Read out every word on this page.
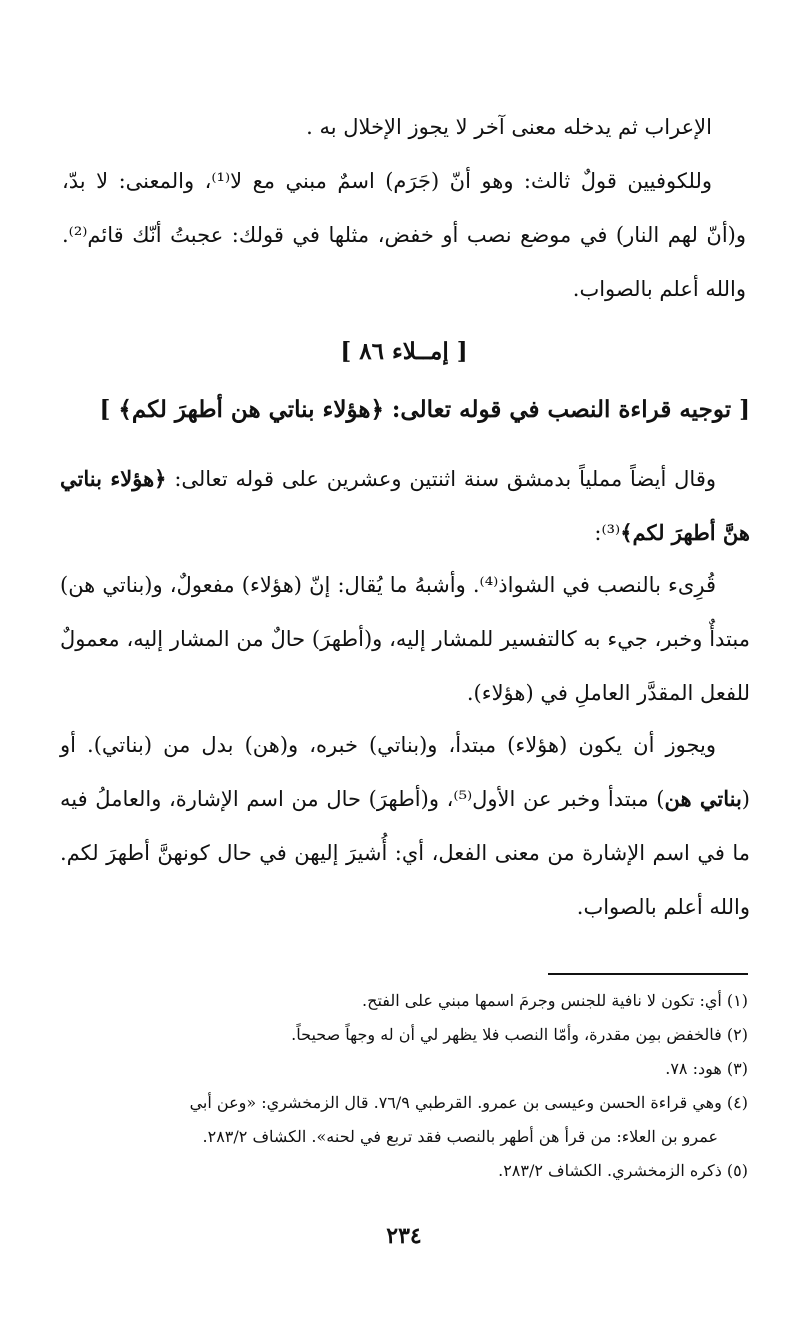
الإعراب ثم يدخله معنى آخر لا يجوز الإخلال به .

وللكوفيين قولٌ ثالث: وهو أنّ (جَرَم) اسمٌ مبني مع لا⁽¹⁾، والمعنى: لا بدّ، و(أنّ لهم النار) في موضع نصب أو خفض، مثلها في قولك: عجبتُ أنّك قائم⁽²⁾. والله أعلم بالصواب.

[ إمــلاء ٨٦ ]
[ توجيه قراءة النصب في قوله تعالى: ﴿هؤلاء بناتي هن أطهرَ لكم﴾ ]

وقال أيضاً مملياً بدمشق سنة اثنتين وعشرين على قوله تعالى: ﴿هؤلاء بناتي هنَّ أطهرَ لكم﴾⁽³⁾:

قُرِىء بالنصب في الشواذ⁽⁴⁾. وأشبهُ ما يُقال: إنّ (هؤلاء) مفعولٌ، و(بناتي هن) مبتدأٌ وخبر، جيء به كالتفسير للمشار إليه، و(أطهرَ) حالٌ من المشار إليه، معمولٌ للفعل المقدَّر العاملِ في (هؤلاء).

ويجوز أن يكون (هؤلاء) مبتدأ، و(بناتي) خبره، و(هن) بدل من (بناتي). أو (بناتي هن) مبتدأ وخبر عن الأول⁽⁵⁾، و(أطهرَ) حال من اسم الإشارة، والعاملُ فيه ما في اسم الإشارة من معنى الفعل، أي: أُشيرَ إليهن في حال كونهنَّ أطهرَ لكم. والله أعلم بالصواب.

(١) أي: تكون لا نافية للجنس وجرمَ اسمها مبني على الفتح.

(٢) فالخفض بمِن مقدرة، وأمّا النصب فلا يظهر لي أن له وجهاً صحيحاً.

(٣) هود: ٧٨.

(٤) وهي قراءة الحسن وعيسى بن عمرو. القرطبي ٧٦/٩. قال الزمخشري: «وعن أبي

عمرو بن العلاء: من قرأ هن أطهر بالنصب فقد تربع في لحنه». الكشاف ٢٨٣/٢.

(٥) ذكره الزمخشري. الكشاف ٢٨٣/٢.

٢٣٤
